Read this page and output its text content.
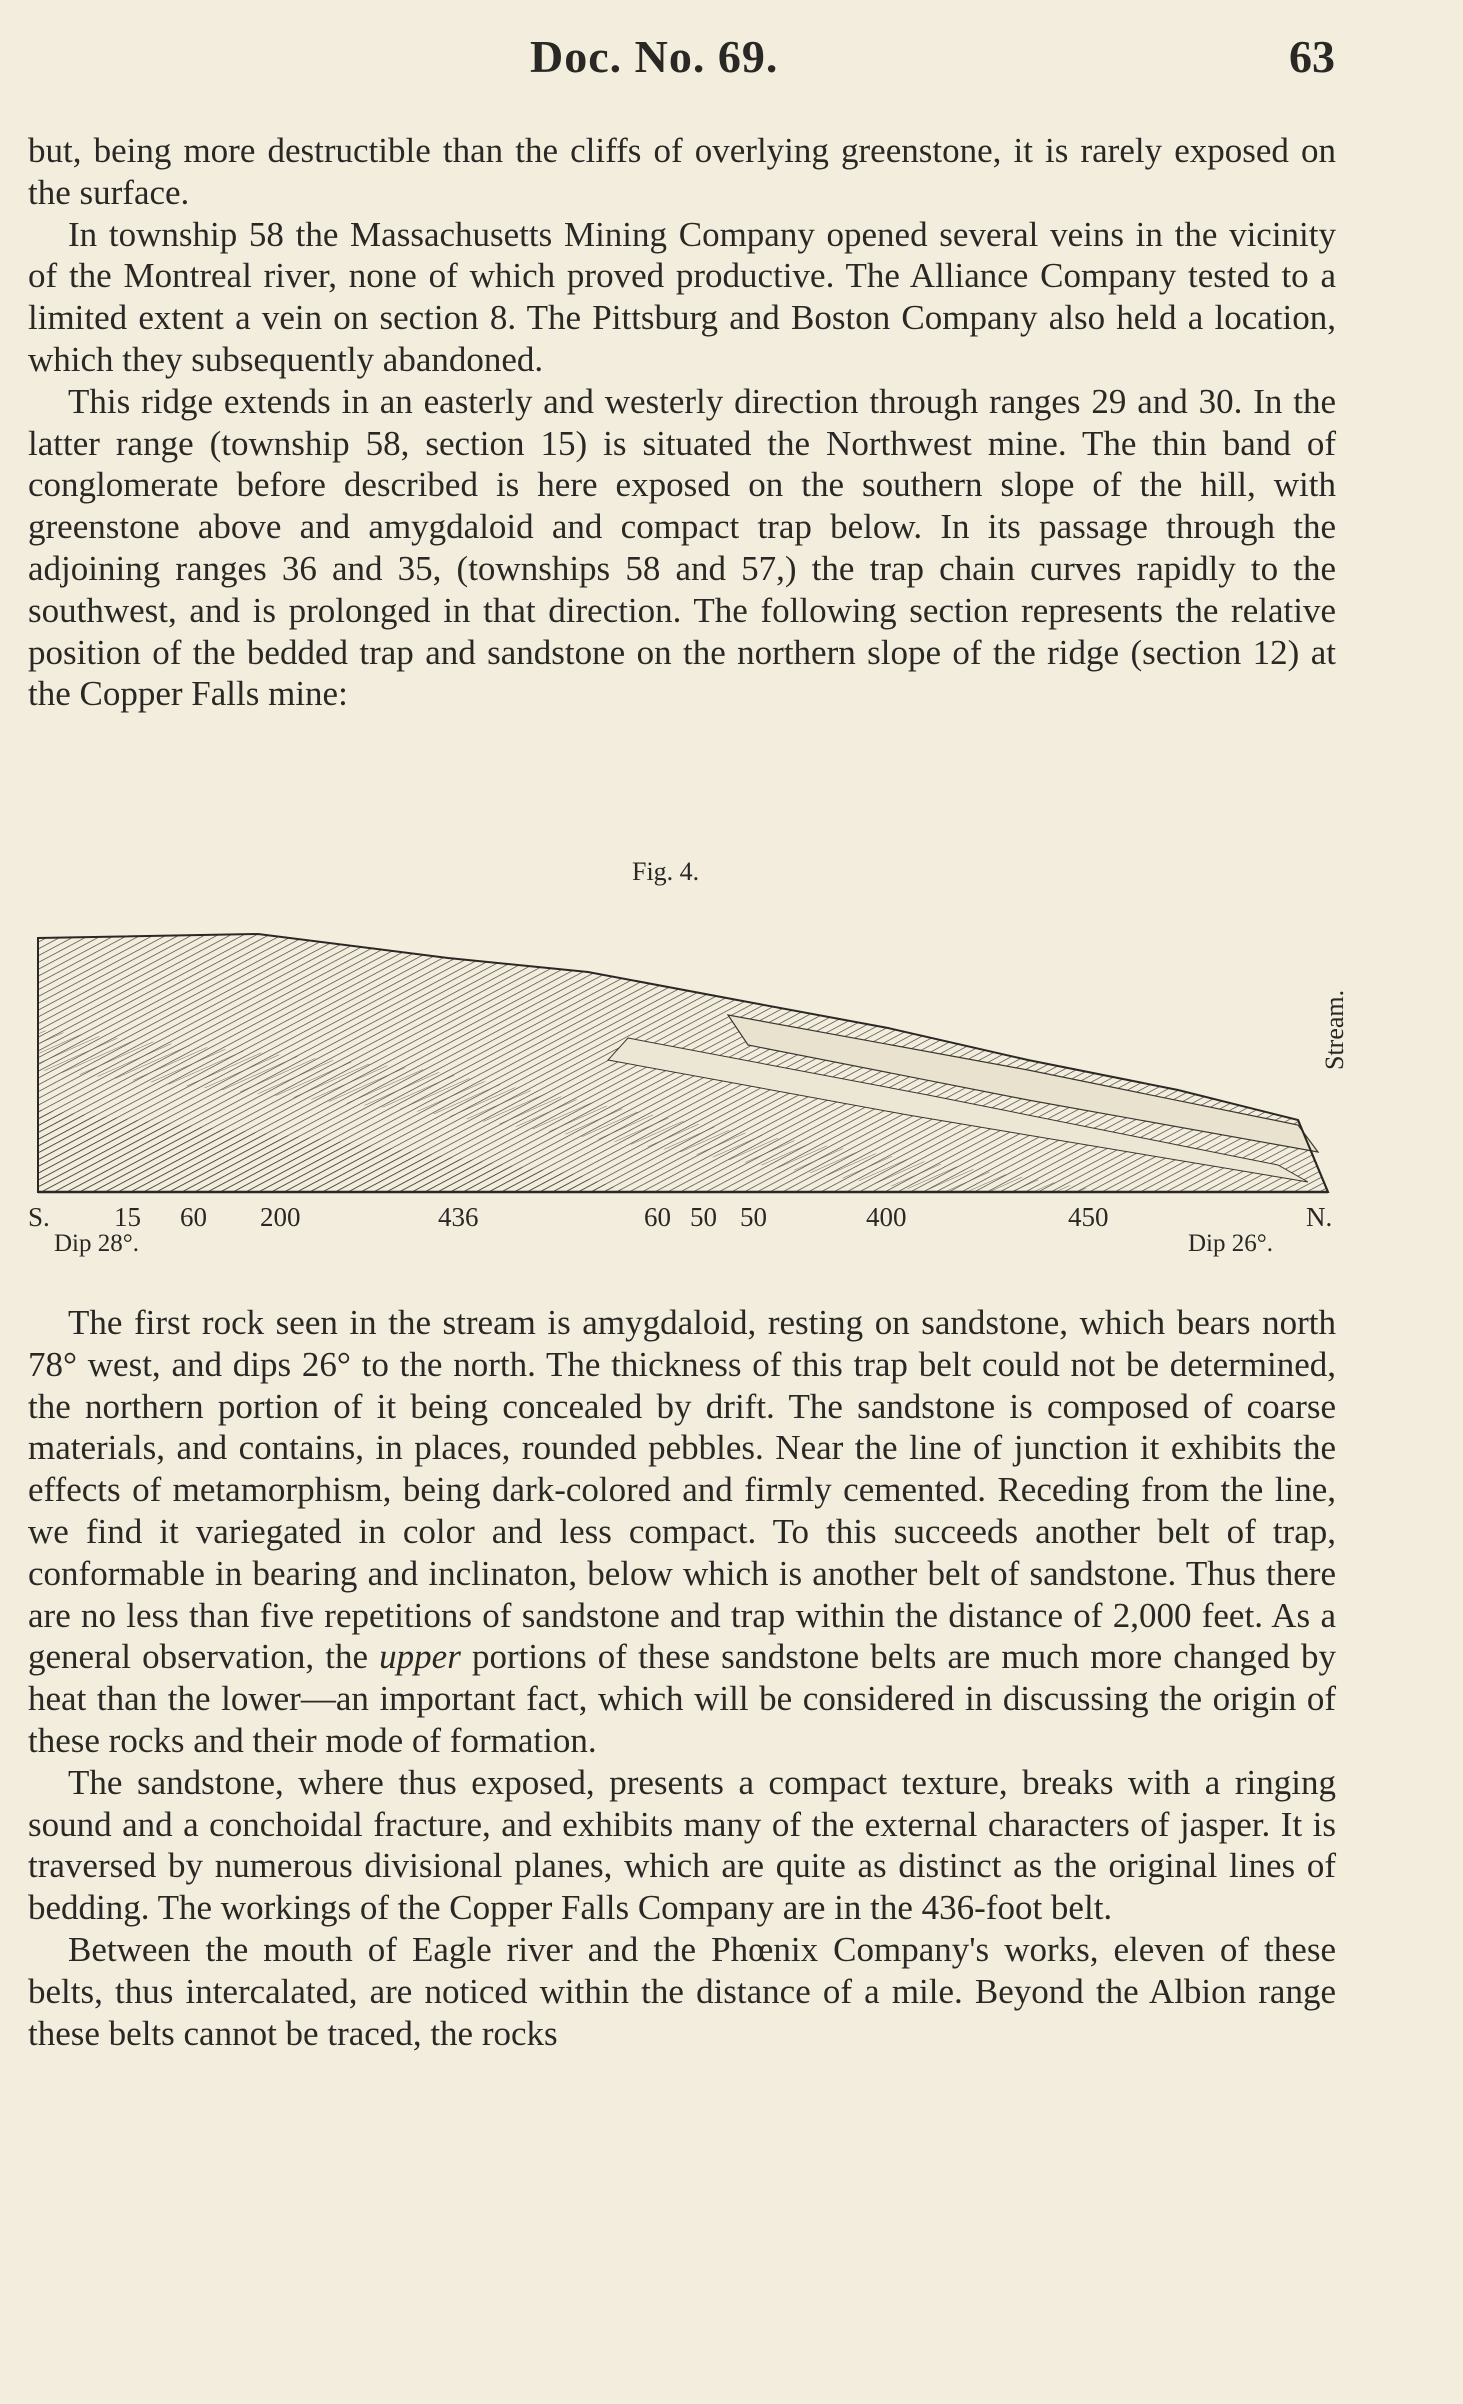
Doc. No. 69.	63

but, being more destructible than the cliffs of overlying greenstone, it is rarely exposed on the surface.

In township 58 the Massachusetts Mining Company opened several veins in the vicinity of the Montreal river, none of which proved productive. The Alliance Company tested to a limited extent a vein on section 8. The Pittsburg and Boston Company also held a location, which they subsequently abandoned.

This ridge extends in an easterly and westerly direction through ranges 29 and 30. In the latter range (township 58, section 15) is situated the Northwest mine. The thin band of conglomerate before described is here exposed on the southern slope of the hill, with greenstone above and amygdaloid and compact trap below. In its passage through the adjoining ranges 36 and 35, (townships 58 and 57,) the trap chain curves rapidly to the southwest, and is prolonged in that direction. The following section represents the relative position of the bedded trap and sandstone on the northern slope of the ridge (section 12) at the Copper Falls mine:

Fig. 4.
Stream.
S. 15 60 200	436	60 50 50	400	450	N.
Dip 28°.	Dip 26°.

The first rock seen in the stream is amygdaloid, resting on sandstone, which bears north 78° west, and dips 26° to the north. The thickness of this trap belt could not be determined, the northern portion of it being concealed by drift. The sandstone is composed of coarse materials, and contains, in places, rounded pebbles. Near the line of junction it exhibits the effects of metamorphism, being dark-colored and firmly cemented. Receding from the line, we find it variegated in color and less compact. To this succeeds another belt of trap, conformable in bearing and inclinaton, below which is another belt of sandstone. Thus there are no less than five repetitions of sandstone and trap within the distance of 2,000 feet. As a general observation, the upper portions of these sandstone belts are much more changed by heat than the lower—an important fact, which will be considered in discussing the origin of these rocks and their mode of formation.

The sandstone, where thus exposed, presents a compact texture, breaks with a ringing sound and a conchoidal fracture, and exhibits many of the external characters of jasper. It is traversed by numerous divisional planes, which are quite as distinct as the original lines of bedding. The workings of the Copper Falls Company are in the 436-foot belt.

Between the mouth of Eagle river and the Phœnix Company's works, eleven of these belts, thus intercalated, are noticed within the distance of a mile. Beyond the Albion range these belts cannot be traced, the rocks
